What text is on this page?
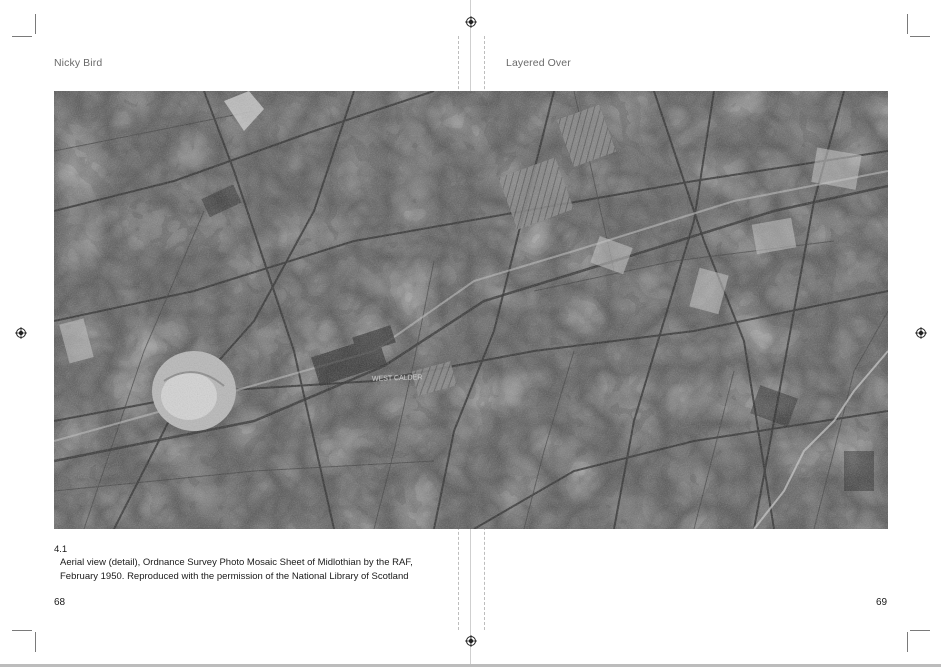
Nicky Bird	Layered Over
4.1
Aerial view (detail), Ordnance Survey Photo Mosaic Sheet of Midlothian by the RAF,
February 1950. Reproduced with the permission of the National Library of Scotland
68	69
